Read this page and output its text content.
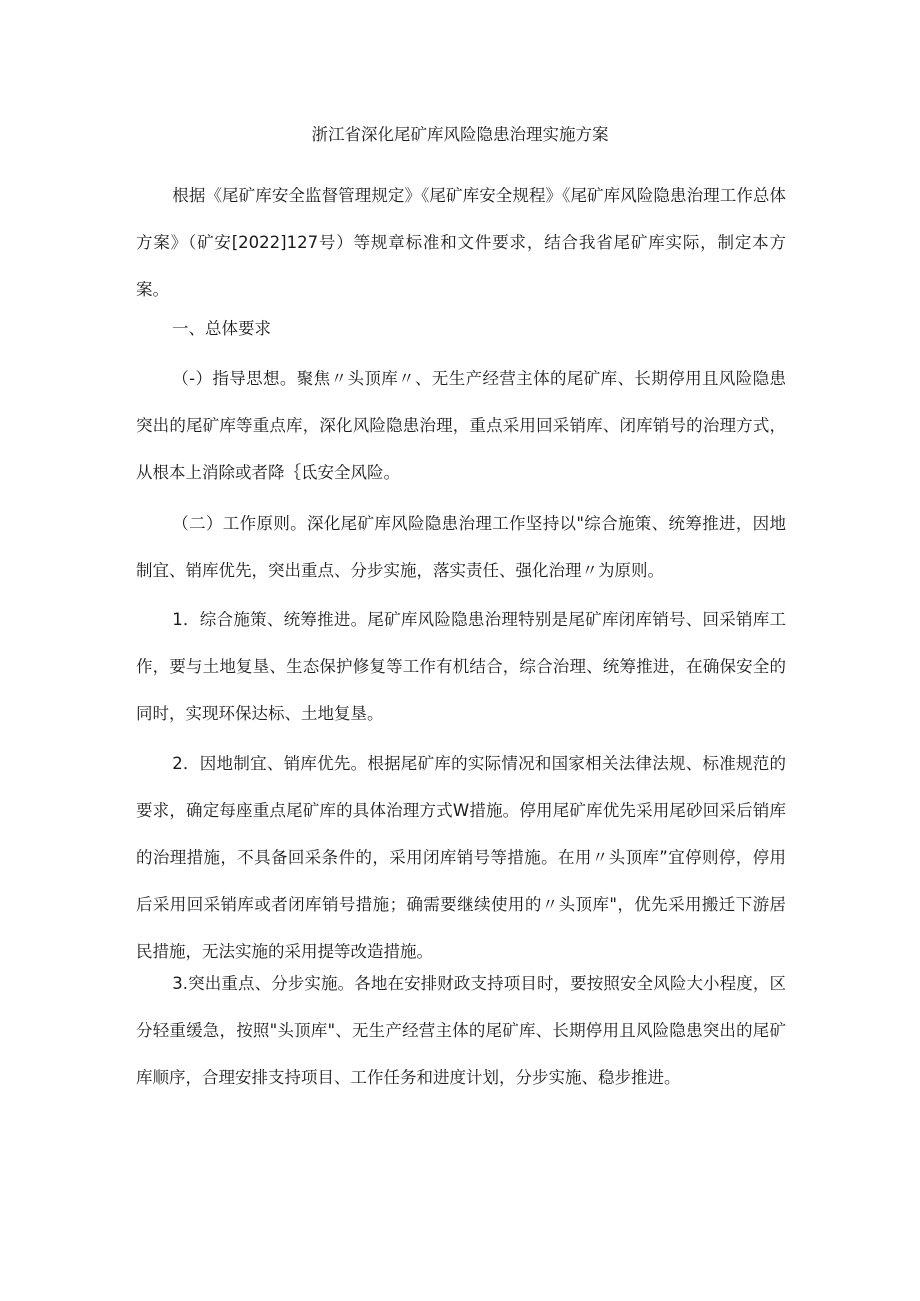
浙江省深化尾矿库风险隐患治理实施方案

根据《尾矿库安全监督管理规定》《尾矿库安全规程》《尾矿库风险隐患治理工作总体方案》（矿安[2022]127号）等规章标准和文件要求，结合我省尾矿库实际，制定本方案。

一、总体要求

（-）指导思想。聚焦〃头顶库〃、无生产经营主体的尾矿库、长期停用且风险隐患突出的尾矿库等重点库，深化风险隐患治理，重点采用回采销库、闭库销号的治理方式，从根本上消除或者降｛氐安全风险。

（二）工作原则。深化尾矿库风险隐患治理工作坚持以"综合施策、统筹推进，因地制宜、销库优先，突出重点、分步实施，落实责任、强化治理〃为原则。

1．综合施策、统筹推进。尾矿库风险隐患治理特别是尾矿库闭库销号、回采销库工作，要与土地复垦、生态保护修复等工作有机结合，综合治理、统筹推进，在确保安全的同时，实现环保达标、土地复垦。

2．因地制宜、销库优先。根据尾矿库的实际情况和国家相关法律法规、标准规范的要求，确定每座重点尾矿库的具体治理方式W措施。停用尾矿库优先采用尾砂回采后销库的治理措施，不具备回采条件的，采用闭库销号等措施。在用〃头顶库”宜停则停，停用后采用回采销库或者闭库销号措施；确需要继续使用的〃头顶库"，优先采用搬迁下游居民措施，无法实施的采用提等改造措施。

3.突出重点、分步实施。各地在安排财政支持项目时，要按照安全风险大小程度，区分轻重缓急，按照"头顶库"、无生产经营主体的尾矿库、长期停用且风险隐患突出的尾矿库顺序，合理安排支持项目、工作任务和进度计划，分步实施、稳步推进。
